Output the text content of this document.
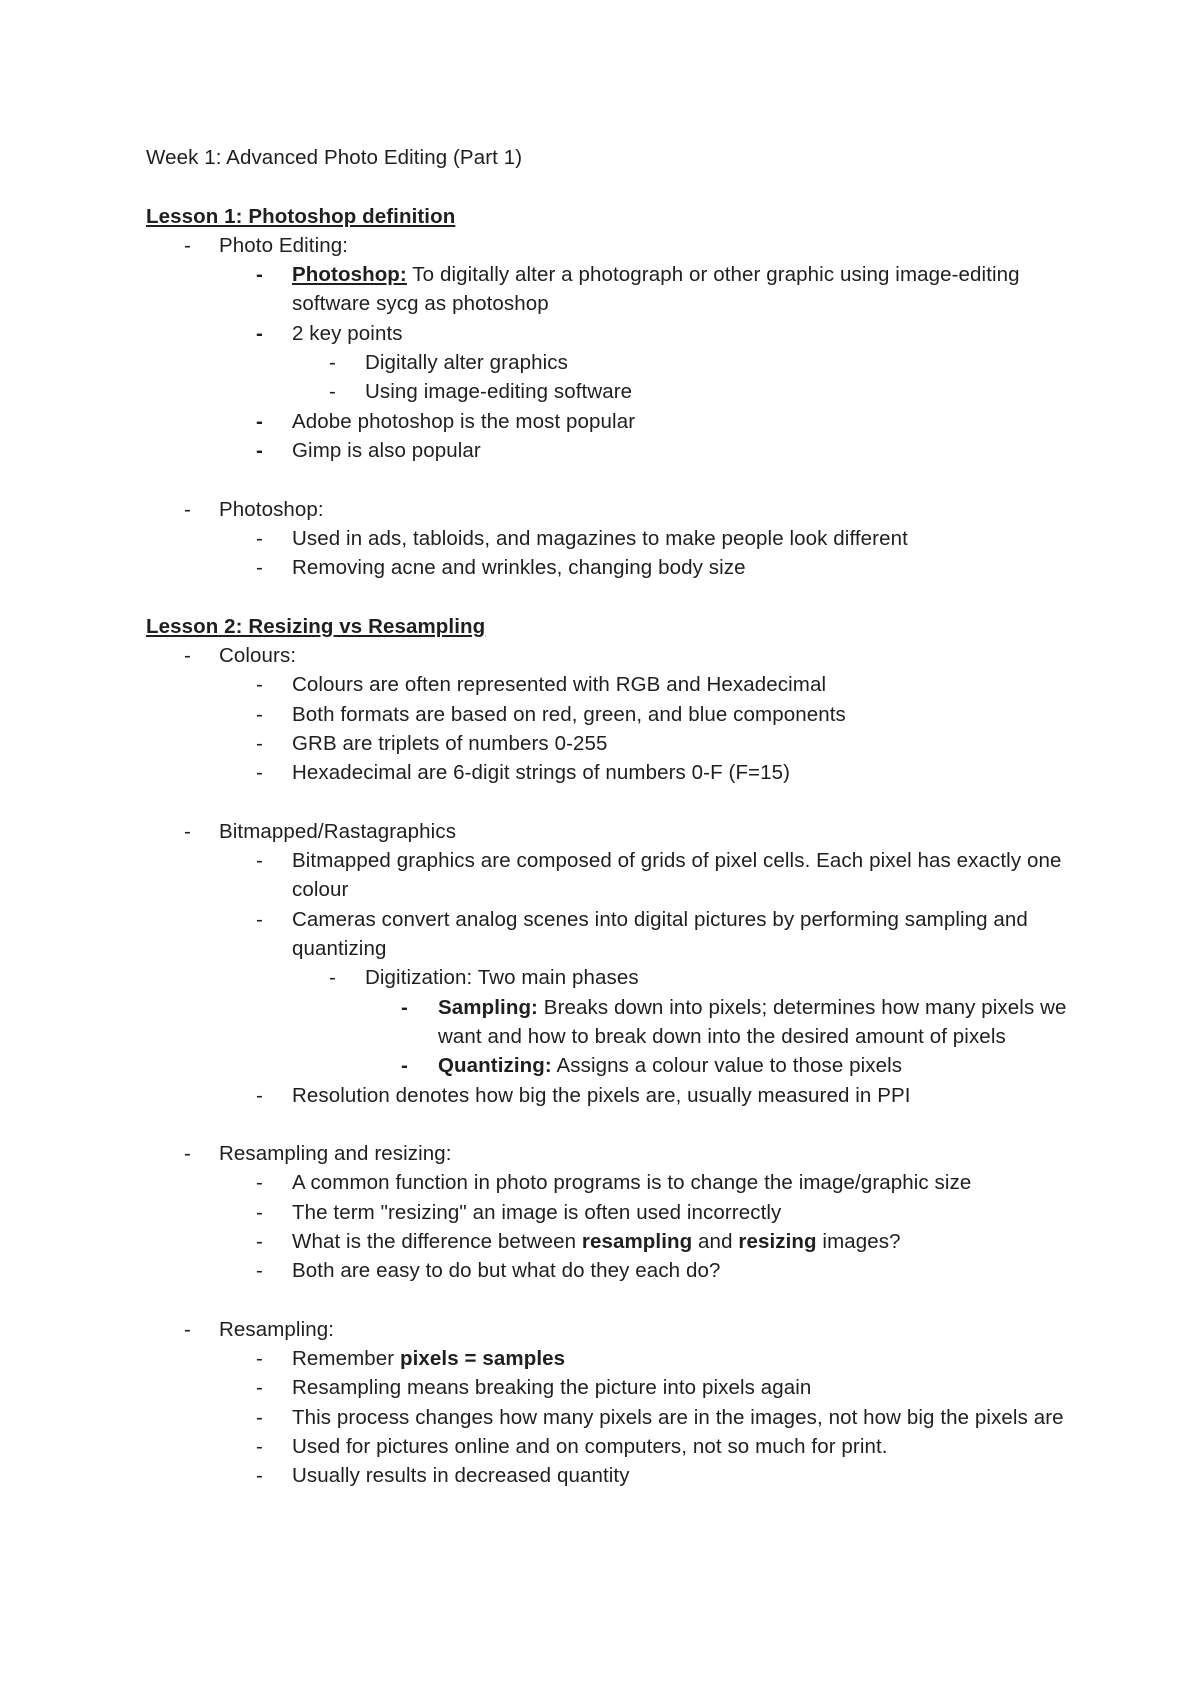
Week 1: Advanced Photo Editing (Part 1)
Lesson 1: Photoshop definition
- Photo Editing:
- Photoshop: To digitally alter a photograph or other graphic using image-editing software sycg as photoshop
- 2 key points
- Digitally alter graphics
- Using image-editing software
- Adobe photoshop is the most popular
- Gimp is also popular
- Photoshop:
- Used in ads, tabloids, and magazines to make people look different
- Removing acne and wrinkles, changing body size
Lesson 2: Resizing vs Resampling
- Colours:
- Colours are often represented with RGB and Hexadecimal
- Both formats are based on red, green, and blue components
- GRB are triplets of numbers 0-255
- Hexadecimal are 6-digit strings of numbers 0-F (F=15)
- Bitmapped/Rastagraphics
- Bitmapped graphics are composed of grids of pixel cells. Each pixel has exactly one colour
- Cameras convert analog scenes into digital pictures by performing sampling and quantizing
- Digitization: Two main phases
- Sampling: Breaks down into pixels; determines how many pixels we want and how to break down into the desired amount of pixels
- Quantizing: Assigns a colour value to those pixels
- Resolution denotes how big the pixels are, usually measured in PPI
- Resampling and resizing:
- A common function in photo programs is to change the image/graphic size
- The term "resizing" an image is often used incorrectly
- What is the difference between resampling and resizing images?
- Both are easy to do but what do they each do?
- Resampling:
- Remember pixels = samples
- Resampling means breaking the picture into pixels again
- This process changes how many pixels are in the images, not how big the pixels are
- Used for pictures online and on computers, not so much for print.
- Usually results in decreased quantity
